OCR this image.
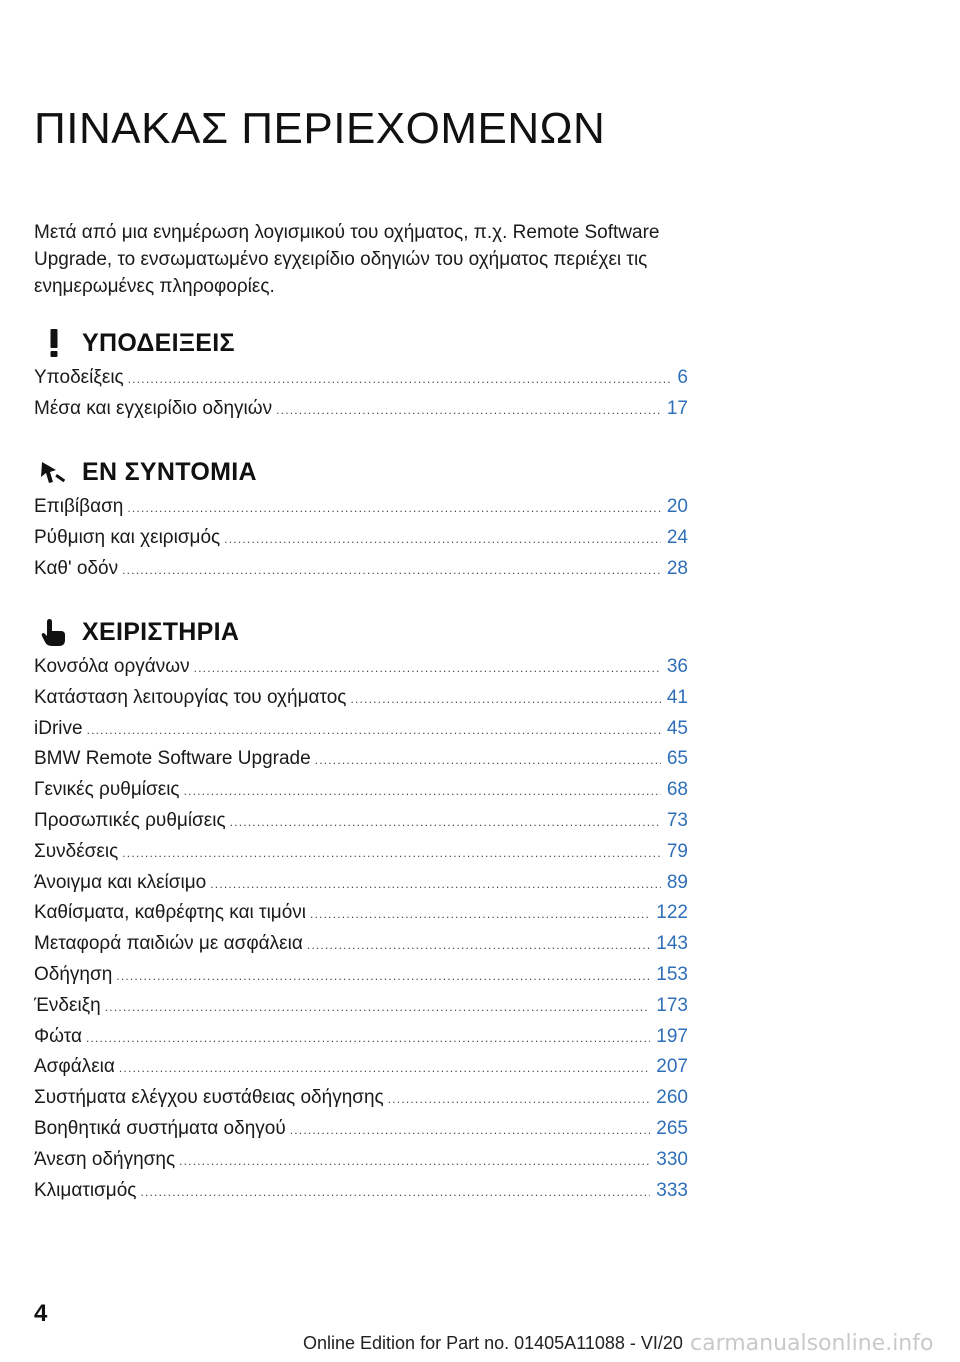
ΠΙΝΑΚΑΣ ΠΕΡΙΕΧΟΜΕΝΩΝ

Μετά από μια ενημέρωση λογισμικού του οχήματος, π.χ. Remote Software Upgrade, το ενσωματωμένο εγχειρίδιο οδηγιών του οχήματος περιέχει τις ενημερωμένες πληροφορίες.

ΥΠΟΔΕΙΞΕΙΣ
Υποδείξεις .....	6
Μέσα και εγχειρίδιο οδηγιών .....	17
ΕΝ ΣΥΝΤΟΜΙΑ
Επιβίβαση .....	20
Ρύθμιση και χειρισμός .....	24
Καθ' οδόν .....	28
ΧΕΙΡΙΣΤΗΡΙΑ
Κονσόλα οργάνων .....	36
Κατάσταση λειτουργίας του οχήματος .....	41
iDrive .....	45
BMW Remote Software Upgrade .....	65
Γενικές ρυθμίσεις .....	68
Προσωπικές ρυθμίσεις .....	73
Συνδέσεις .....	79
Άνοιγμα και κλείσιμο .....	89
Καθίσματα, καθρέφτης και τιμόνι .....	122
Μεταφορά παιδιών με ασφάλεια .....	143
Οδήγηση .....	153
Ένδειξη .....	173
Φώτα .....	197
Ασφάλεια .....	207
Συστήματα ελέγχου ευστάθειας οδήγησης .....	260
Βοηθητικά συστήματα οδηγού .....	265
Άνεση οδήγησης .....	330
Κλιματισμός .....	333
4
Online Edition for Part no. 01405A11088 - VI/20 carmanualsonline.info
